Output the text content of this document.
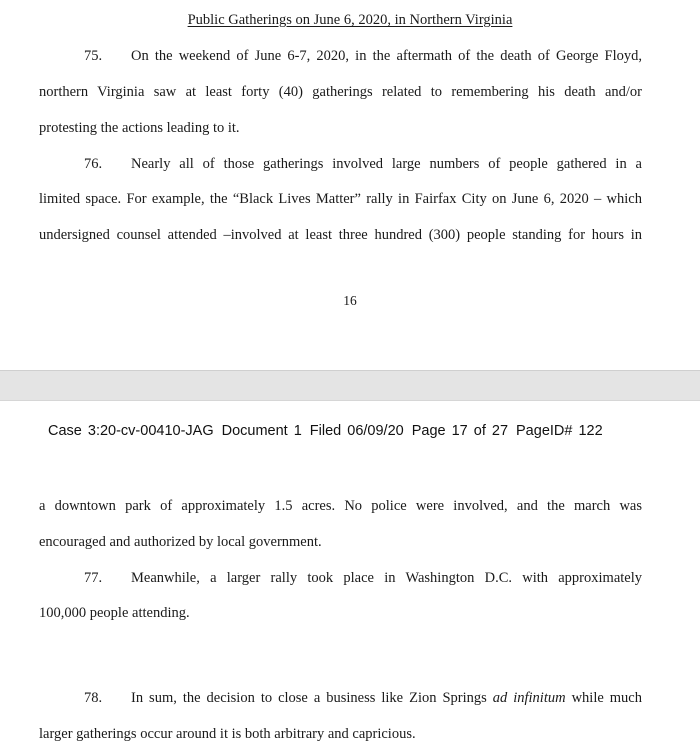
Public Gatherings on June 6, 2020, in Northern Virginia
75. On the weekend of June 6-7, 2020, in the aftermath of the death of George Floyd,
northern Virginia saw at least forty (40) gatherings related to remembering his death and/or
protesting the actions leading to it.
76. Nearly all of those gatherings involved large numbers of people gathered in a
limited space. For example, the “Black Lives Matter” rally in Fairfax City on June 6, 2020 – which
undersigned counsel attended –involved at least three hundred (300) people standing for hours in
16
Case 3:20-cv-00410-JAG Document 1 Filed 06/09/20 Page 17 of 27 PageID# 122
a downtown park of approximately 1.5 acres. No police were involved, and the march was
encouraged and authorized by local government.
77. Meanwhile, a larger rally took place in Washington D.C. with approximately
100,000 people attending.
78. In sum, the decision to close a business like Zion Springs ad infinitum while much
larger gatherings occur around it is both arbitrary and capricious.
